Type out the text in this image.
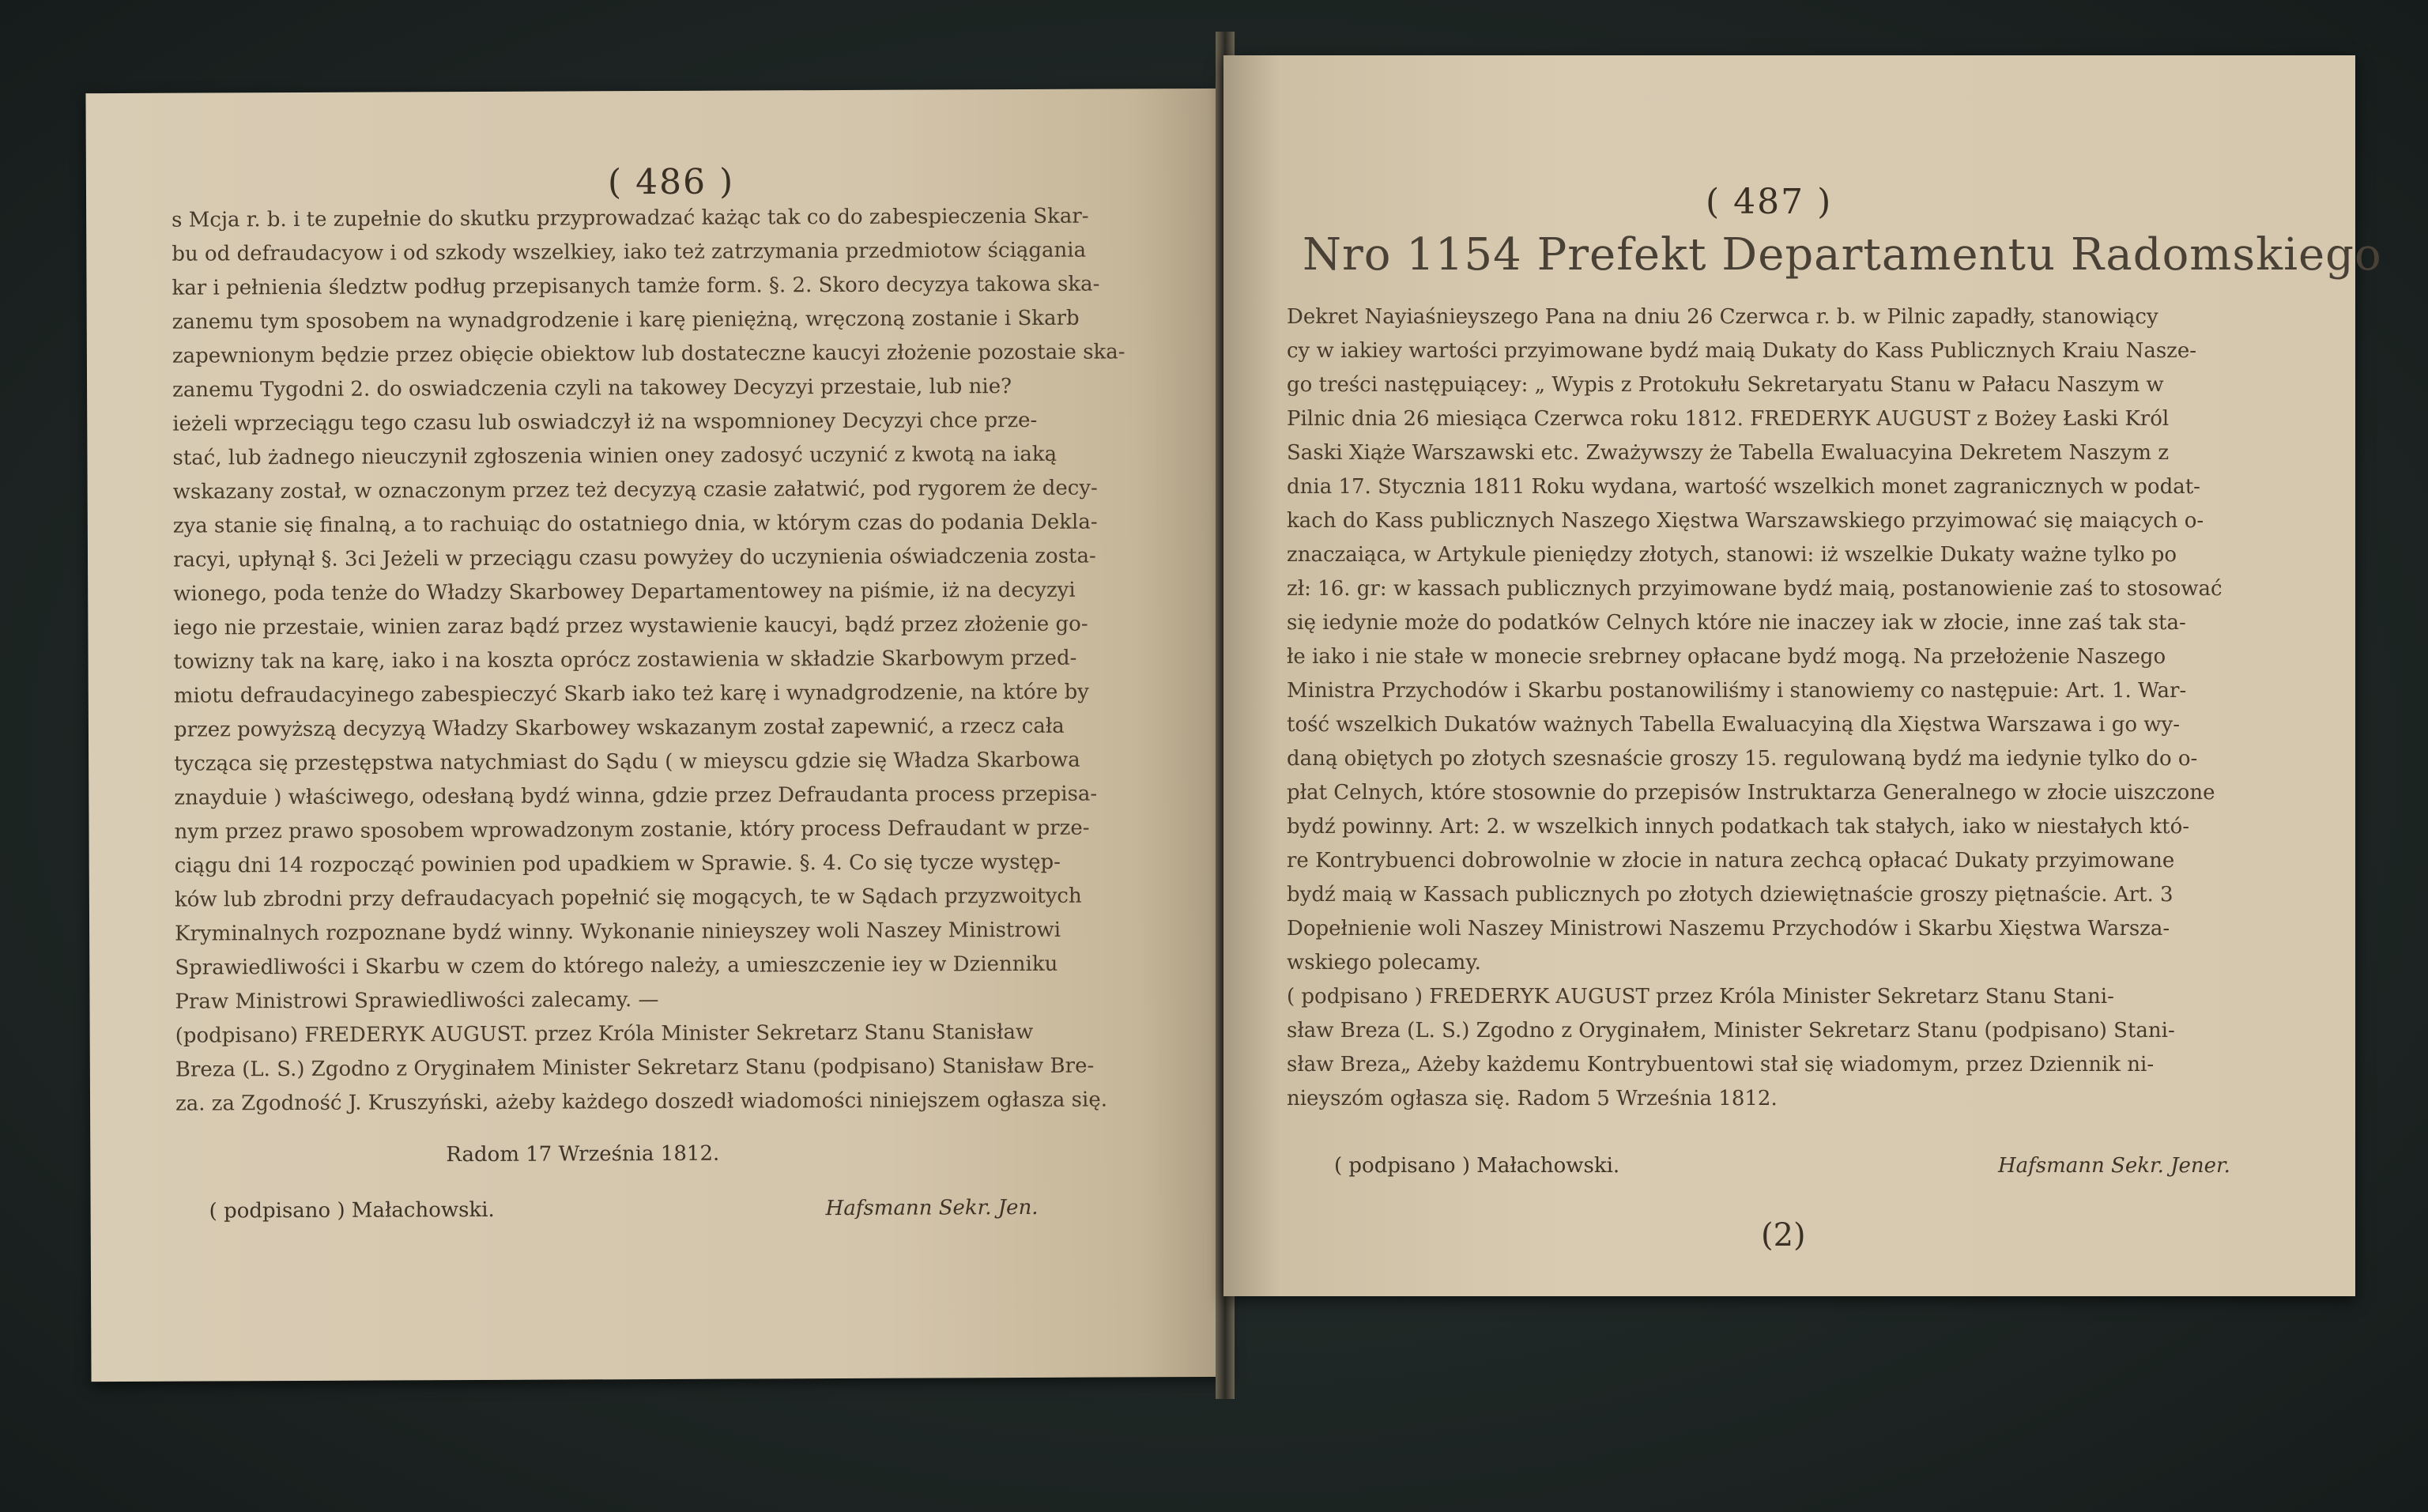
( 486 )

s Mcja r. b. i te zupełnie do skutku przyprowadzać każąc tak co do zabespieczenia Skar-

bu od defraudacyow i od szkody wszelkiey, iako też zatrzymania przedmiotow ściągania

kar i pełnienia śledztw podług przepisanych tamże form. §. 2. Skoro decyzya takowa ska-

zanemu tym sposobem na wynadgrodzenie i karę pieniężną, wręczoną zostanie i Skarb

zapewnionym będzie przez obięcie obiektow lub dostateczne kaucyi złożenie pozostaie ska-

zanemu Tygodni 2. do oswiadczenia czyli na takowey Decyzyi przestaie, lub nie?

ieżeli wprzeciągu tego czasu lub oswiadczył iż na wspomnioney Decyzyi chce prze-

stać, lub żadnego nieuczynił zgłoszenia winien oney zadosyć uczynić z kwotą na iaką

wskazany został, w oznaczonym przez też decyzyą czasie załatwić, pod rygorem że decy-

zya stanie się finalną, a to rachuiąc do ostatniego dnia, w którym czas do podania Dekla-

racyi, upłynął §. 3ci Jeżeli w przeciągu czasu powyżey do uczynienia oświadczenia zosta-

wionego, poda tenże do Władzy Skarbowey Departamentowey na piśmie, iż na decyzyi

iego nie przestaie, winien zaraz bądź przez wystawienie kaucyi, bądź przez złożenie go-

towizny tak na karę, iako i na koszta oprócz zostawienia w składzie Skarbowym przed-

miotu defraudacyinego zabespieczyć Skarb iako też karę i wynadgrodzenie, na które by

przez powyższą decyzyą Władzy Skarbowey wskazanym został zapewnić, a rzecz cała

tycząca się przestępstwa natychmiast do Sądu ( w mieyscu gdzie się Władza Skarbowa

znayduie ) właściwego, odesłaną bydź winna, gdzie przez Defraudanta process przepisa-

nym przez prawo sposobem wprowadzonym zostanie, który process Defraudant w prze-

ciągu dni 14 rozpocząć powinien pod upadkiem w Sprawie. §. 4. Co się tycze występ-

ków lub zbrodni przy defraudacyach popełnić się mogących, te w Sądach przyzwoitych

Kryminalnych rozpoznane bydź winny. Wykonanie ninieyszey woli Naszey Ministrowi

Sprawiedliwości i Skarbu w czem do którego należy, a umieszczenie iey w Dzienniku

Praw Ministrowi Sprawiedliwości zalecamy. —

(podpisano) FREDERYK AUGUST. przez Króla Minister Sekretarz Stanu Stanisław

Breza (L. S.) Zgodno z Oryginałem Minister Sekretarz Stanu (podpisano) Stanisław Bre-

za. za Zgodność J. Kruszyński, ażeby każdego doszedł wiadomości niniejszem ogłasza się.

Radom 17 Września 1812.
( podpisano ) Małachowski.	Hafsmann Sekr. Jen.
( 487 )
Nro 1154 Prefekt Departamentu Radomskiego

Dekret Nayiaśnieyszego Pana na dniu 26 Czerwca r. b. w Pilnic zapadły, stanowiący

cy w iakiey wartości przyimowane bydź maią Dukaty do Kass Publicznych Kraiu Nasze-

go treści następuiącey: „ Wypis z Protokułu Sekretaryatu Stanu w Pałacu Naszym w

Pilnic dnia 26 miesiąca Czerwca roku 1812. FREDERYK AUGUST z Bożey Łaski Król

Saski Xiąże Warszawski etc. Zważywszy że Tabella Ewaluacyina Dekretem Naszym z

dnia 17. Stycznia 1811 Roku wydana, wartość wszelkich monet zagranicznych w podat-

kach do Kass publicznych Naszego Xięstwa Warszawskiego przyimować się maiących o-

znaczaiąca, w Artykule pieniędzy złotych, stanowi: iż wszelkie Dukaty ważne tylko po

zł: 16. gr: w kassach publicznych przyimowane bydź maią, postanowienie zaś to stosować

się iedynie może do podatków Celnych które nie inaczey iak w złocie, inne zaś tak sta-

łe iako i nie stałe w monecie srebrney opłacane bydź mogą. Na przełożenie Naszego

Ministra Przychodów i Skarbu postanowiliśmy i stanowiemy co następuie: Art. 1. War-

tość wszelkich Dukatów ważnych Tabella Ewaluacyiną dla Xięstwa Warszawa i go wy-

daną obiętych po złotych szesnaście groszy 15. regulowaną bydź ma iedynie tylko do o-

płat Celnych, które stosownie do przepisów Instruktarza Generalnego w złocie uiszczone

bydź powinny. Art: 2. w wszelkich innych podatkach tak stałych, iako w niestałych któ-

re Kontrybuenci dobrowolnie w złocie in natura zechcą opłacać Dukaty przyimowane

bydź maią w Kassach publicznych po złotych dziewiętnaście groszy piętnaście. Art. 3

Dopełnienie woli Naszey Ministrowi Naszemu Przychodów i Skarbu Xięstwa Warsza-

wskiego polecamy.

( podpisano ) FREDERYK AUGUST przez Króla Minister Sekretarz Stanu Stani-

sław Breza (L. S.) Zgodno z Oryginałem, Minister Sekretarz Stanu (podpisano) Stani-

sław Breza„ Ażeby każdemu Kontrybuentowi stał się wiadomym, przez Dziennik ni-

nieyszóm ogłasza się. Radom 5 Września 1812.

( podpisano ) Małachowski.	Hafsmann Sekr. Jener.
(2)
